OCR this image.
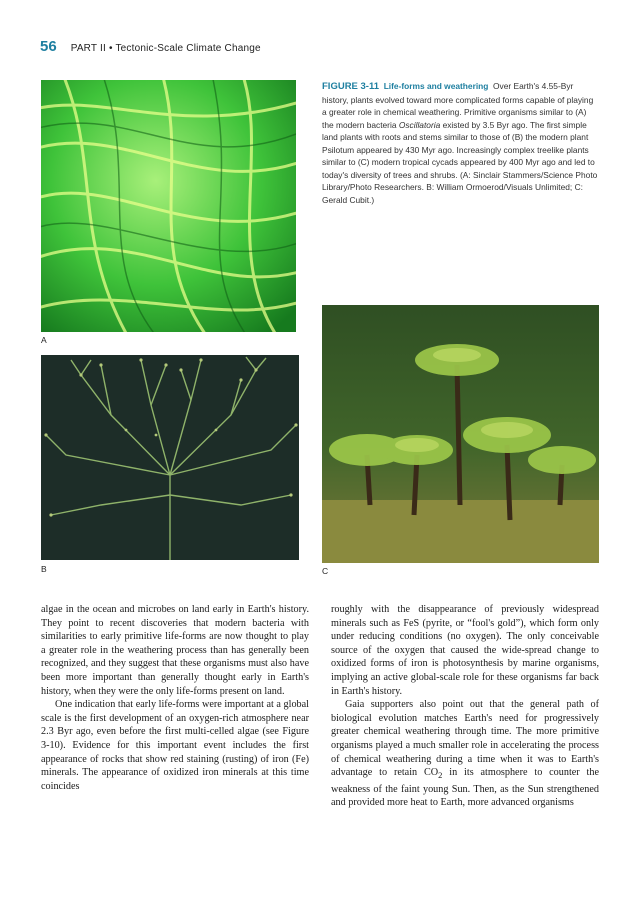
56 PART II • Tectonic-Scale Climate Change
A
B	C
FIGURE 3-11 Life-forms and weathering Over Earth's 4.55-Byr history, plants evolved toward more complicated forms capable of playing a greater role in chemical weathering. Primitive organisms similar to (A) the modern bacteria Oscillatoria existed by 3.5 Byr ago. The first simple land plants with roots and stems similar to those of (B) the modern plant Psilotum appeared by 430 Myr ago. Increasingly complex treelike plants similar to (C) modern tropical cycads appeared by 400 Myr ago and led to today's diversity of trees and shrubs. (A: Sinclair Stammers/Science Photo Library/Photo Researchers. B: William Ormoerod/Visuals Unlimited; C: Gerald Cubit.)

algae in the ocean and microbes on land early in Earth's history. They point to recent discoveries that modern bacteria with similarities to early primitive life-forms are now thought to play a greater role in the weathering process than has generally been recognized, and they suggest that these organisms must also have been more important than generally thought early in Earth's history, when they were the only life-forms present on land.

One indication that early life-forms were important at a global scale is the first development of an oxygen-rich atmosphere near 2.3 Byr ago, even before the first multi-celled algae (see Figure 3-10). Evidence for this important event includes the first appearance of rocks that show red staining (rusting) of iron (Fe) minerals. The appearance of oxidized iron minerals at this time coincides

roughly with the disappearance of previously widespread minerals such as FeS (pyrite, or “fool's gold”), which form only under reducing conditions (no oxygen). The only conceivable source of the oxygen that caused the wide-spread change to oxidized forms of iron is photosynthesis by marine organisms, implying an active global-scale role for these organisms far back in Earth's history.

Gaia supporters also point out that the general path of biological evolution matches Earth's need for progressively greater chemical weathering through time. The more primitive organisms played a much smaller role in accelerating the process of chemical weathering during a time when it was to Earth's advantage to retain $CO_2$ in its atmosphere to counter the weakness of the faint young Sun. Then, as the Sun strengthened and provided more heat to Earth, more advanced organisms
